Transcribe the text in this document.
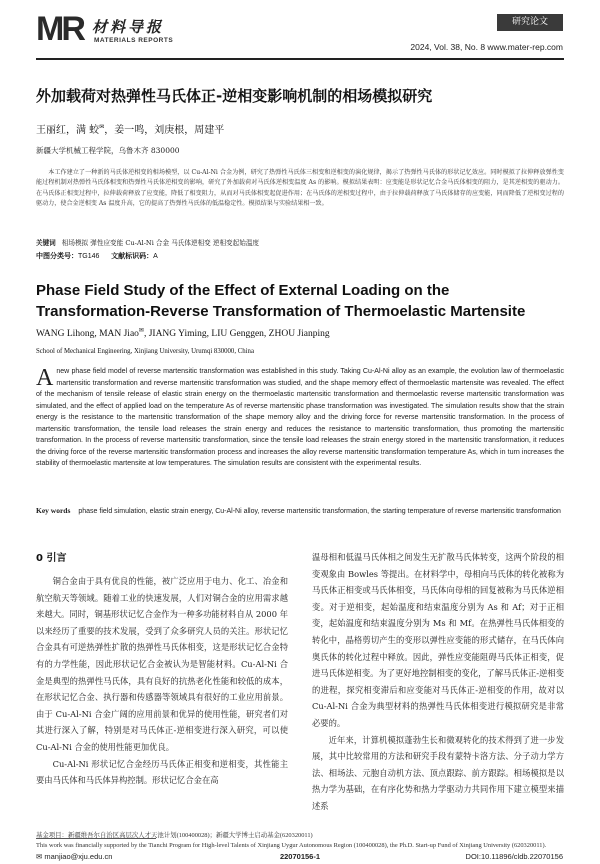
MR 材料导报
MATERIALS REPORTS
研究论文
2024, Vol. 38, No. 8 www.mater-rep.com
外加载荷对热弹性马氏体正-逆相变影响机制的相场模拟研究
王丽红，满 蛟✉，姜一鸣，刘庚根，周建平
新疆大学机械工程学院，乌鲁木齐 830000
本工作建立了一种新的马氏体逆相变的相场模型，以 Cu-Al-Ni 合金为例，研究了热弹性马氏体三相变和逆相变的演化规律，揭示了热弹性马氏体的形状记忆效应。同时模拟了拉伸释放弹性变能过程机制对热弹性马氏体相变和热弹性马氏体逆相变的影响，研究了外加载荷对马氏体逆相变温度 As 的影响。模拟结果表明：应变能是形状记忆合金马氏体相变的阻力，是其逆相变的驱动力。在马氏体正相变过程中，拉伸载荷释放了应变能，降低了相变阻力，从而对马氏体相变起促进作用；在马氏体的逆相变过程中，由于拉伸载荷释放了马氏体储存的应变能，同而降低了逆相变过程的驱动力，使合金逆相变 As 温度升高，它的提高了热弹性马氏体的低温稳定性。模拟结果与实验结果相一致。
关键词 相场模拟 弹性应变能 Cu-Al-Ni 合金 马氏体逆相变 逆相变起始温度
中图分类号：TG146 文献标识码：A
Phase Field Study of the Effect of External Loading on the Transformation-Reverse Transformation of Thermoelastic Martensite
WANG Lihong, MAN Jiao✉, JIANG Yiming, LIU Genggen, ZHOU Jianping
School of Mechanical Engineering, Xinjiang University, Urumqi 830000, China
Anew phase field model of reverse martensitic transformation was established in this study. Taking Cu-Al-Ni alloy as an example, the evolution law of thermoelastic martensitic transformation and reverse martensitic transformation was studied, and the shape memory effect of thermoelastic martensite was revealed. The effect of the mechanism of tensile release of elastic strain energy on the thermoelastic martensitic transformation and thermoelastic reverse martensitic transformation was simulated, and the effect of applied load on the temperature As of reverse martensitic phase transformation was investigated. The simulation results show that the strain energy is the resistance to the martensitic transformation of the shape memory alloy and the driving force for reverse martensitic transformation. In the process of martensitic transformation, the tensile load releases the strain energy and reduces the resistance to martensitic transformation, thus promoting the martensitic transformation. In the process of reverse martensitic transformation, since the tensile load releases the strain energy stored in the martensitic transformation, it reduces the driving force of the reverse martensitic transformation process and increases the alloy reverse martensitic transformation temperature As, which in turn increases the stability of thermoelastic martensite at low temperatures. The simulation results are consistent with the experimental results.
Key words phase field simulation, elastic strain energy, Cu-Al-Ni alloy, reverse martensitic transformation, the starting temperature of reverse martensitic transformation
0 引言

铜合金由于具有优良的性能，被广泛应用于电力、化工、冶金和航空航天等领域。随着工业的快速发展，人们对铜合金的应用需求越来越大。同时，铜基形状记忆合金作为一种多功能材料自从 2000 年以来经历了重要的技术发展，受到了众多研究人员的关注。形状记忆合金具有可逆热弹性扩散的热弹性马氏体相变，这是形状记忆合金特有的力学性能，因此形状记忆合金被认为是智能材料。Cu-Al-Ni 合金是典型的热弹性马氏体，具有良好的抗热老化性能和较低的成本，在形状记忆合金、执行器和传感器等领域具有很好的工业应用前景。由于 Cu-Al-Ni 合金广阔的应用前景和优异的使用性能，研究者们对其进行深入了解，特别是对马氏体正-逆相变进行深入研究，可以使 Cu-Al-Ni 合金的使用性能更加优良。

Cu-Al-Ni 形状记忆合金经历马氏体正相变和逆相变，其性能主要由马氏体和马氏体异构控制。形状记忆合金在高

温母相和低温马氏体相之间发生无扩散马氏体转变，这两个阶段的相变观象由 Bowles 等提出。在材料学中，母相向马氏体的转化被称为马氏体正相变或马氏体相变，马氏体向母相的回复被称为马氏体逆相变。对于逆相变，起始温度和结束温度分别为 As 和 Af；对于正相变，起始温度和结束温度分别为 Ms 和 Mf。在热弹性马氏体相变的转化中，晶格剪切产生的变形以弹性应变能的形式储存，在马氏体向奥氏体的转化过程中释放。因此，弹性应变能阻碍马氏体正相变，促进马氏体逆相变。为了更好地控制相变的变化，了解马氏体正-逆相变的进程，探究相变滞后和应变能对马氏体正-逆相变的作用，故对以 Cu-Al-Ni 合金为典型材料的热弹性马氏体相变进行模拟研究是非常必要的。

近年来，计算机模拟蓬勃生长和微观转化的技术得到了进一步发展，其中比较常用的方法和研究手段有蒙特卡洛方法、分子动力学方法、相场法、元胞自动机方法、顶点跟踪、前方跟踪。相场模拟是以热力学为基础，在有序化势和热力学驱动力共同作用下建立模型来描述系

基金项目：新疆维吾尔自治区高层次人才天池计划(100400028)；新疆大学博士启动基金(620320011)
This work was financially supported by the Tianchi Program for High-level Talents of Xinjiang Uygur Autonomous Region (100400028), the Ph.D. Start-up Fund of Xinjiang University (620320011).
✉ manjiao@xju.edu.cn	22070156-1	DOI:10.11896/cldb.22070156
